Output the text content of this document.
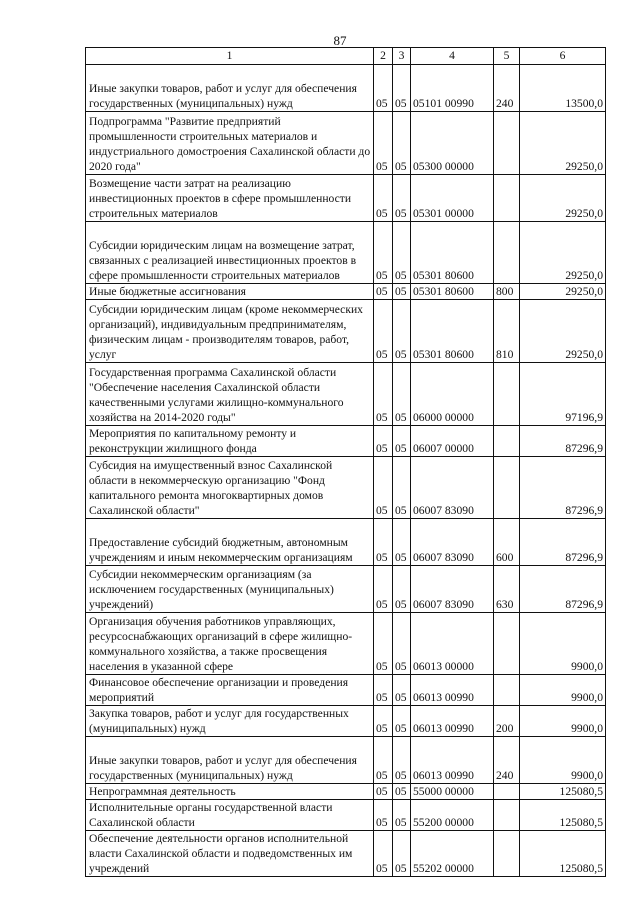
87
1	2	3	4	5	6
Иные закупки товаров, работ и услуг для обеспечения государственных (муниципальных) нужд	05	05	05101 00990	240	13500,0
Подпрограмма "Развитие предприятий промышленности строительных материалов и индустриального домостроения Сахалинской области до 2020 года"	05	05	05300 00000		29250,0
Возмещение части затрат на реализацию инвестиционных проектов в сфере промышленности строительных материалов	05	05	05301 00000		29250,0
Субсидии юридическим лицам на возмещение затрат, связанных с реализацией инвестиционных проектов в сфере промышленности строительных материалов	05	05	05301 80600		29250,0
Иные бюджетные ассигнования	05	05	05301 80600	800	29250,0
Субсидии юридическим лицам (кроме некоммерческих организаций), индивидуальным предпринимателям, физическим лицам - производителям товаров, работ, услуг	05	05	05301 80600	810	29250,0
Государственная программа Сахалинской области "Обеспечение населения Сахалинской области качественными услугами жилищно-коммунального хозяйства на 2014-2020 годы"	05	05	06000 00000		97196,9
Мероприятия по капитальному ремонту и реконструкции жилищного фонда	05	05	06007 00000		87296,9
Субсидия на имущественный взнос Сахалинской области в некоммерческую организацию "Фонд капитального ремонта многоквартирных домов Сахалинской области"	05	05	06007 83090		87296,9
Предоставление субсидий бюджетным, автономным учреждениям и иным некоммерческим организациям	05	05	06007 83090	600	87296,9
Субсидии некоммерческим организациям (за исключением государственных (муниципальных) учреждений)	05	05	06007 83090	630	87296,9
Организация обучения работников управляющих, ресурсоснабжающих организаций в сфере жилищно-коммунального хозяйства, а также просвещения населения в указанной сфере	05	05	06013 00000		9900,0
Финансовое обеспечение организации и проведения мероприятий	05	05	06013 00990		9900,0
Закупка товаров, работ и услуг для государственных (муниципальных) нужд	05	05	06013 00990	200	9900,0
Иные закупки товаров, работ и услуг для обеспечения государственных (муниципальных) нужд	05	05	06013 00990	240	9900,0
Непрограммная деятельность	05	05	55000 00000		125080,5
Исполнительные органы государственной власти Сахалинской области	05	05	55200 00000		125080,5
Обеспечение деятельности органов исполнительной власти Сахалинской области и подведомственных им учреждений	05	05	55202 00000		125080,5
